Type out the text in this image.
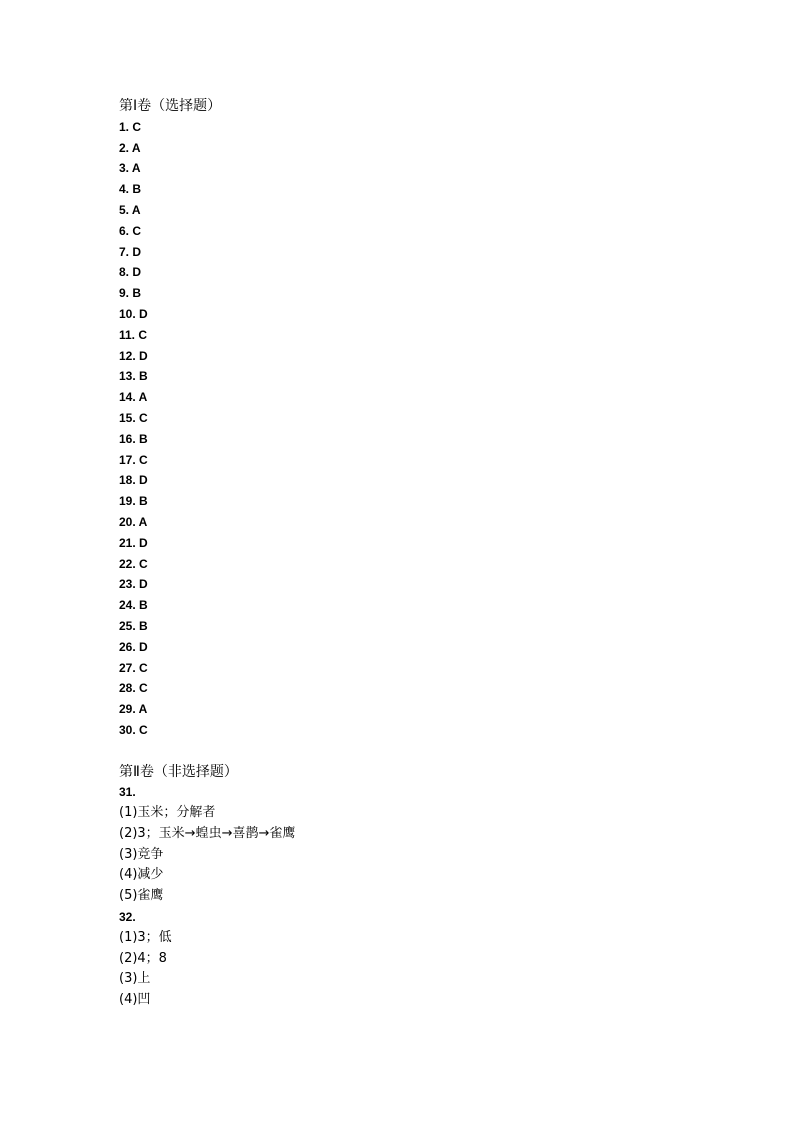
第Ⅰ卷（选择题）
1. C
2. A
3. A
4. B
5. A
6. C
7. D
8. D
9. B
10. D
11. C
12. D
13. B
14. A
15. C
16. B
17. C
18. D
19. B
20. A
21. D
22. C
23. D
24. B
25. B
26. D
27. C
28. C
29. A
30. C
第Ⅱ卷（非选择题）
31.
(1)玉米；分解者
(2)3；玉米→蝗虫→喜鹊→雀鹰
(3)竞争
(4)减少
(5)雀鹰
32.
(1)3；低
(2)4；8
(3)上
(4)凹
